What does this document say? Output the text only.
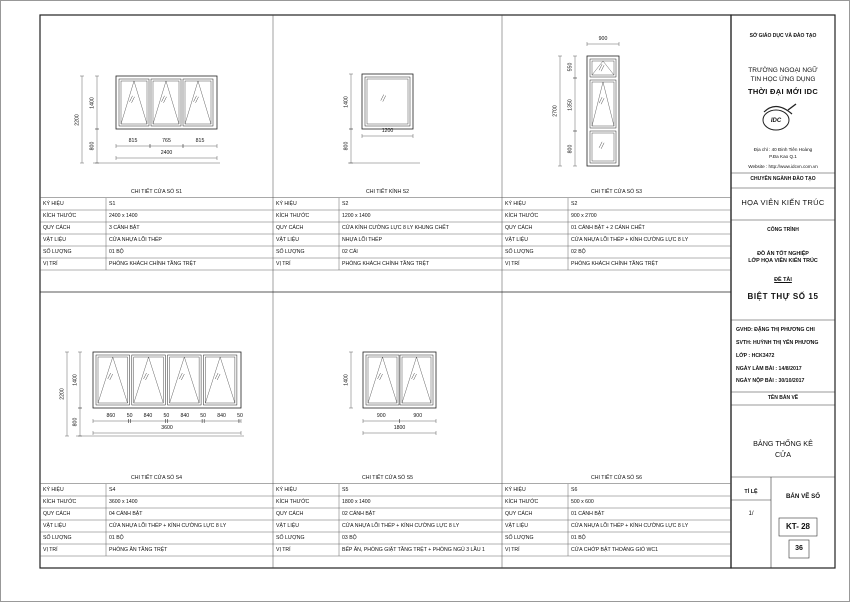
CHI TIẾT CỬA SỔ S1
KÝ HIỆU	S1
KÍCH THƯỚC	2400 x 1400
QUY CÁCH	3 CÁNH BẬT
VẬT LIỆU	CỬA NHỰA LÕI THÉP
SỐ LƯỢNG	01 BỘ
VỊ TRÍ	PHÒNG KHÁCH CHÍNH TẦNG TRỆT
CHI TIẾT KÍNH S2
KÝ HIỆU	S2
KÍCH THƯỚC	1200 x 1400
QUY CÁCH	CỬA KÍNH CƯỜNG LỰC 8 LY KHUNG CHẾT
VẬT LIỆU	NHỰA LÕI THÉP
SỐ LƯỢNG	02 CÁI
VỊ TRÍ	PHÒNG KHÁCH CHÍNH TẦNG TRỆT
CHI TIẾT CỬA SỔ S3
KÝ HIỆU	S2
KÍCH THƯỚC	900 x 2700
QUY CÁCH	01 CÁNH BẬT + 2 CÁNH CHẾT
VẬT LIỆU	CỬA NHỰA LÕI THÉP + KÍNH CƯỜNG LỰC 8 LY
SỐ LƯỢNG	02 BỘ
VỊ TRÍ	PHÒNG KHÁCH CHÍNH TẦNG TRỆT
CHI TIẾT CỬA SỔ S4
KÝ HIỆU	S4
KÍCH THƯỚC	3600 x 1400
QUY CÁCH	04 CÁNH BẬT
VẬT LIỆU	CỬA NHỰA LÕI THÉP + KÍNH CƯỜNG LỰC 8 LY
SỐ LƯỢNG	01 BỘ
VỊ TRÍ	PHÒNG ĂN TẦNG TRỆT
CHI TIẾT CỬA SỔ S5
KÝ HIỆU	S5
KÍCH THƯỚC	1800 x 1400
QUY CÁCH	02 CÁNH BẬT
VẬT LIỆU	CỬA NHỰA LÕI THÉP + KÍNH CƯỜNG LỰC 8 LY
SỐ LƯỢNG	03 BỘ
VỊ TRÍ	BẾP ĂN, PHÒNG GIẶT TẦNG TRỆT + PHÒNG NGỦ 3 LẦU 1
CHI TIẾT CỬA SỔ S6
KÝ HIỆU	S6
KÍCH THƯỚC	500 x 600
QUY CÁCH	01 CÁNH BẬT
VẬT LIỆU	CỬA NHỰA LÕI THÉP + KÍNH CƯỜNG LỰC 8 LY
SỐ LƯỢNG	01 BỘ
VỊ TRÍ	CỬA CHỚP BẬT THOÁNG GIÓ WC1
1400
800
2200
815	765	815
2400
1400
800
1200
900
550
1350
800
2700
1400
800
2200
860 50 840 50 840 50 840 50
3600
1400
900	900
1800
SỞ GIÁO DỤC VÀ ĐÀO TẠO
TRƯỜNG NGOẠI NGỮ
TIN HỌC ỨNG DỤNG
THỜI ĐẠI MỚI IDC
IDC
Địa chỉ : 40 Đinh Tiên Hoàng
P.Đa Kao Q.1
Website : http://www.idcvn.com.vn
CHUYÊN NGÀNH ĐÀO TẠO
HỌA VIÊN KIẾN TRÚC
CÔNG TRÌNH
ĐỒ ÁN TỐT NGHIỆP
LỚP HỌA VIÊN KIẾN TRÚC
ĐỀ TÀI
BIỆT THỰ SỐ 15
GVHD: ĐẶNG THỊ PHƯƠNG CHI
SVTH: HUỲNH THỊ YẾN PHƯƠNG
LỚP : HCK3472
NGÀY LÀM BÀI : 14/8/2017
NGÀY NỘP BÀI : 30/10/2017
TÊN BẢN VẼ
BẢNG THỐNG KÊ
CỬA
TỈ LỆ
1/
BẢN VẼ SỐ
KT- 28
36
